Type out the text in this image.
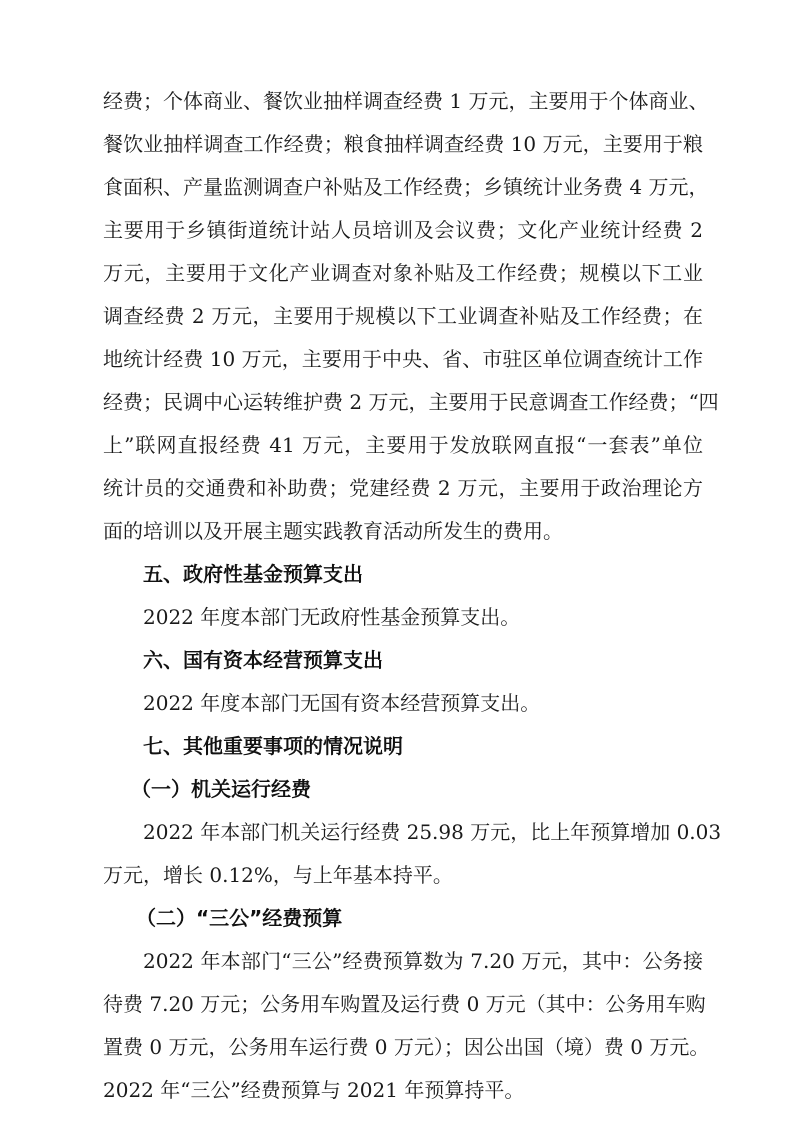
经费；个体商业、餐饮业抽样调查经费 1 万元，主要用于个体商业、
餐饮业抽样调查工作经费；粮食抽样调查经费 10 万元，主要用于粮
食面积、产量监测调查户补贴及工作经费；乡镇统计业务费 4 万元，
主要用于乡镇街道统计站人员培训及会议费；文化产业统计经费 2
万元，主要用于文化产业调查对象补贴及工作经费；规模以下工业
调查经费 2 万元，主要用于规模以下工业调查补贴及工作经费；在
地统计经费 10 万元，主要用于中央、省、市驻区单位调查统计工作
经费；民调中心运转维护费 2 万元，主要用于民意调查工作经费；“四
上”联网直报经费 41 万元，主要用于发放联网直报“一套表”单位
统计员的交通费和补助费；党建经费 2 万元，主要用于政治理论方
面的培训以及开展主题实践教育活动所发生的费用。
五、政府性基金预算支出
2022 年度本部门无政府性基金预算支出。
六、国有资本经营预算支出
2022 年度本部门无国有资本经营预算支出。
七、其他重要事项的情况说明
（一）机关运行经费
2022 年本部门机关运行经费 25.98 万元，比上年预算增加 0.03
万元，增长 0.12%，与上年基本持平。
（二）“三公”经费预算
2022 年本部门“三公”经费预算数为 7.20 万元，其中：公务接
待费 7.20 万元；公务用车购置及运行费 0 万元（其中：公务用车购
置费 0 万元，公务用车运行费 0 万元）；因公出国（境）费 0 万元。
2022 年“三公”经费预算与 2021 年预算持平。
